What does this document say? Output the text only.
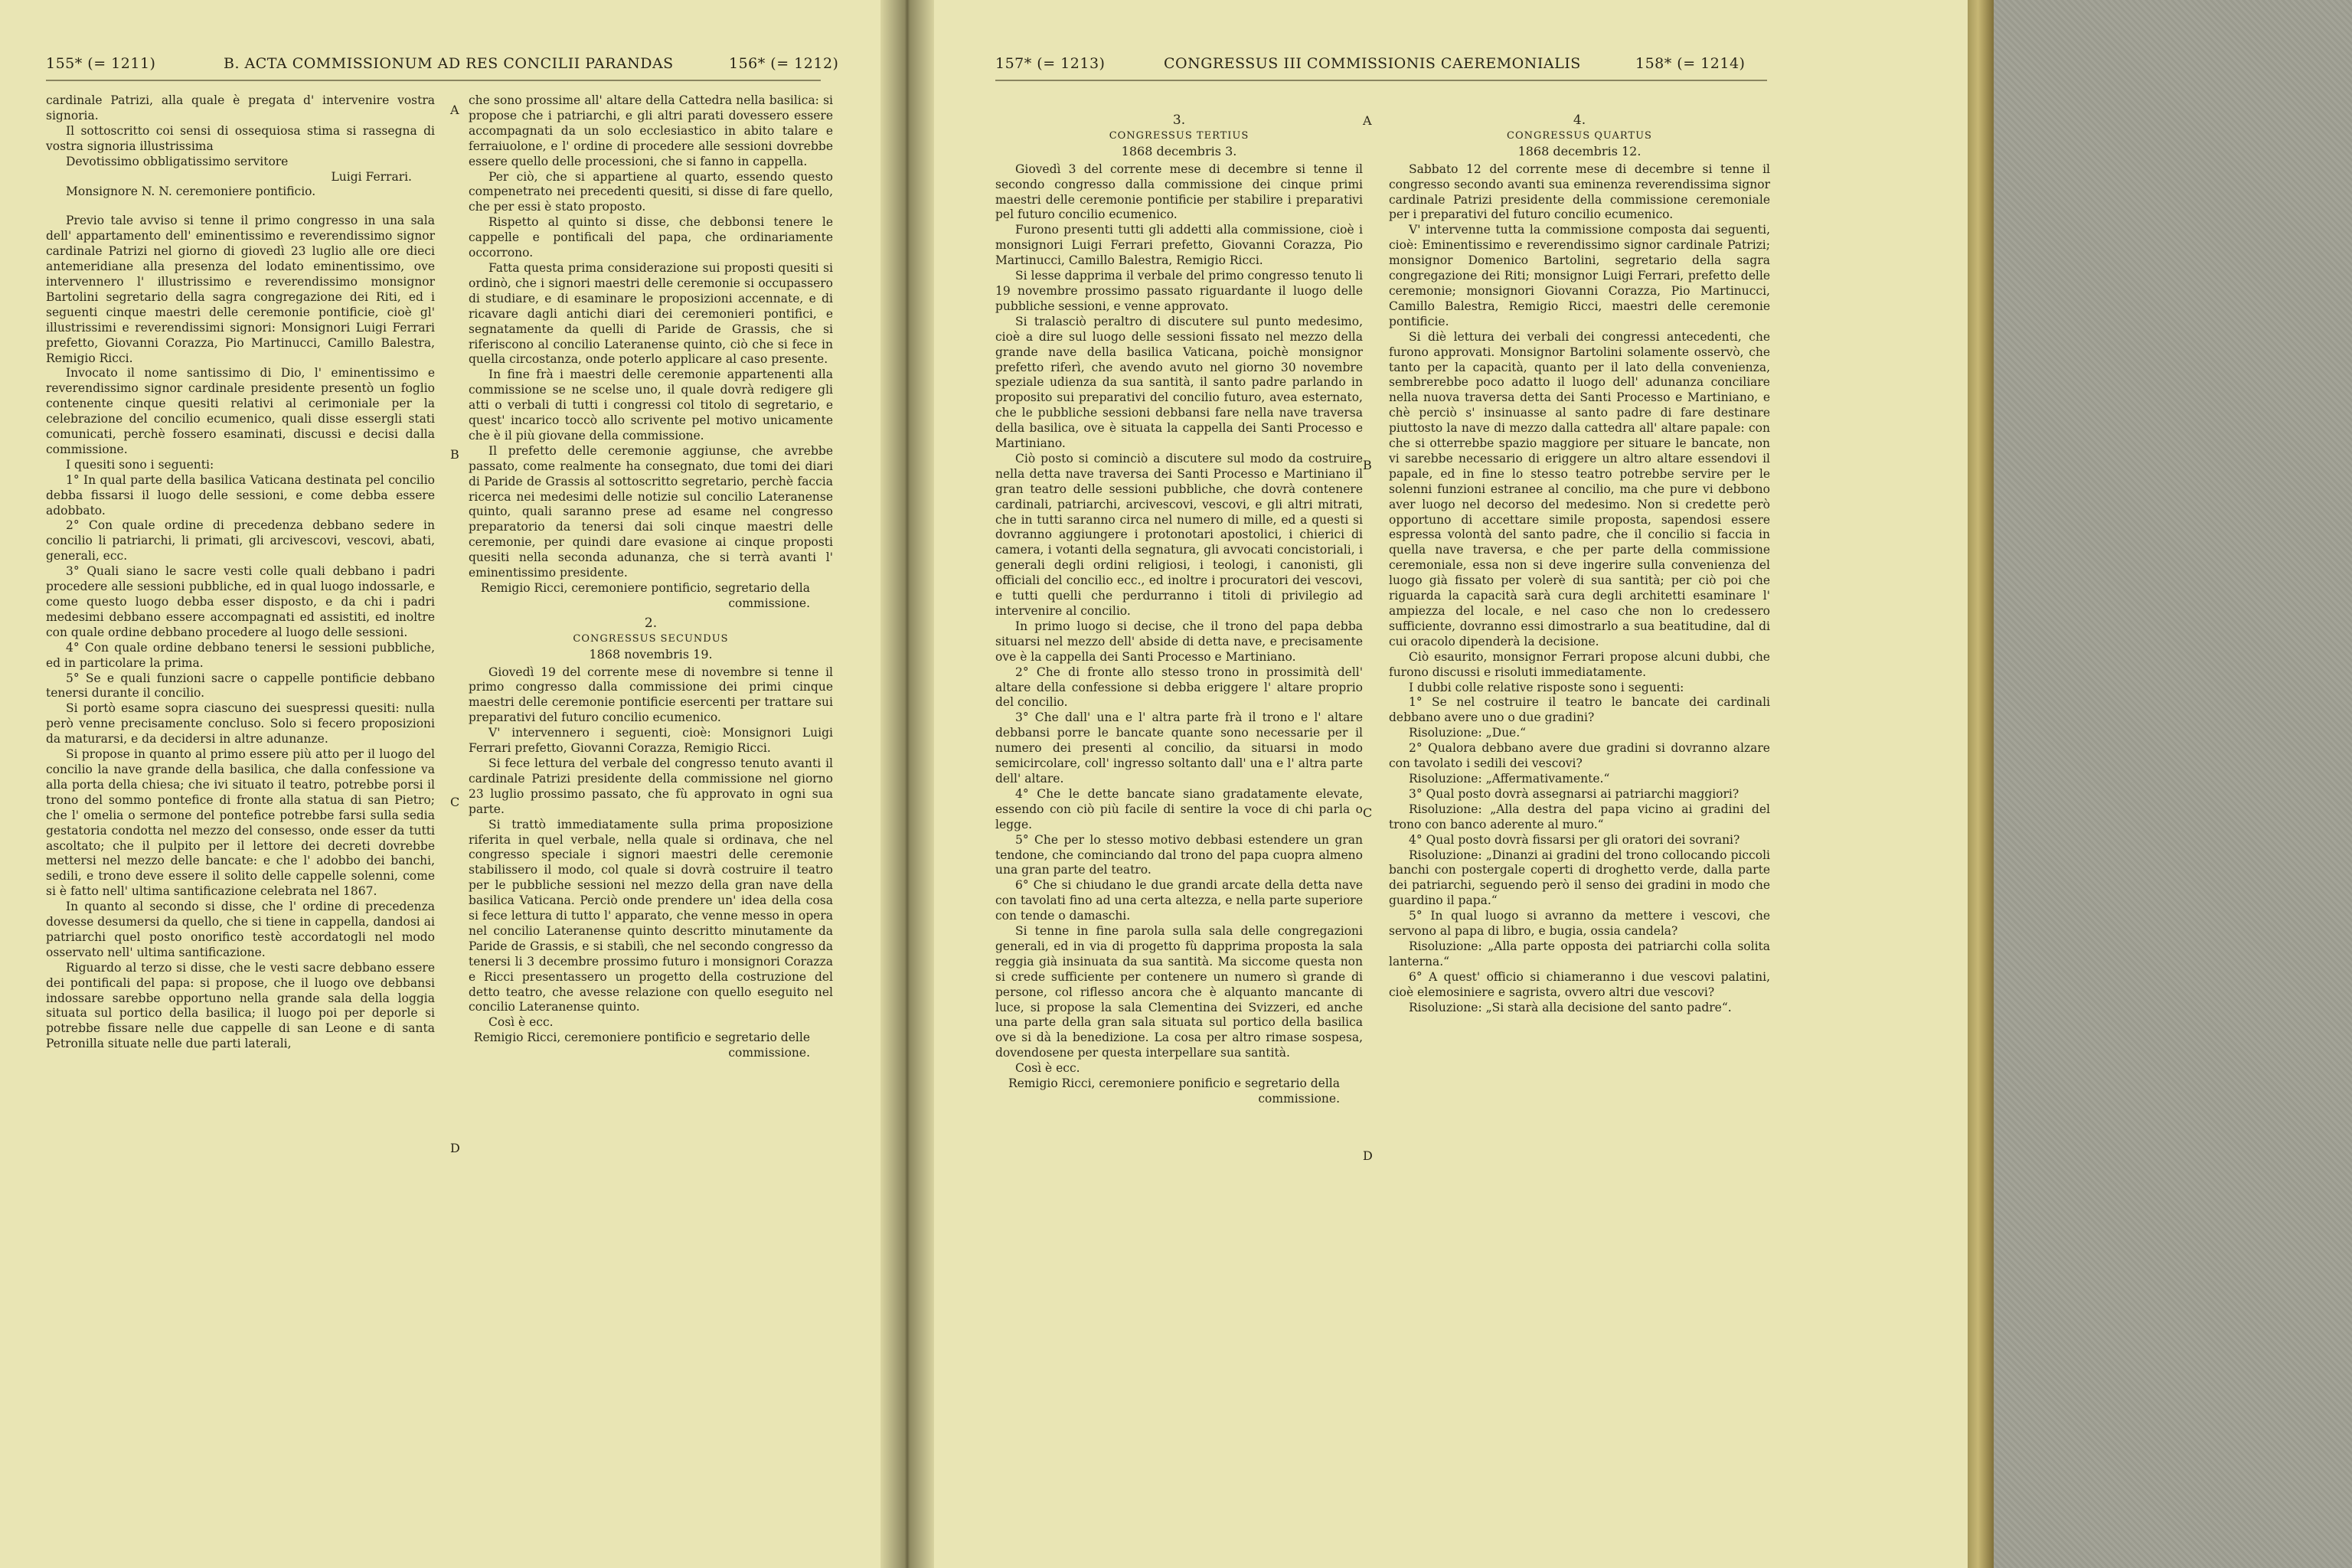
155* (= 1211)	B. ACTA COMMISSIONUM AD RES CONCILII PARANDAS	156* (= 1212)

cardinale Patrizi, alla quale è pregata d' intervenire vostra signoria.

Il sottoscritto coi sensi di ossequiosa stima si rassegna di vostra signoria illustrissima

Devotissimo obbligatissimo servitore

Luigi Ferrari.

Monsignore N. N. ceremoniere pontificio.

Previo tale avviso si tenne il primo congresso in una sala dell' appartamento dell' eminentissimo e reverendissimo signor cardinale Patrizi nel giorno di giovedì 23 luglio alle ore dieci antemeridiane alla presenza del lodato eminentissimo, ove intervennero l' illustrissimo e reverendissimo monsignor Bartolini segretario della sagra congregazione dei Riti, ed i seguenti cinque maestri delle ceremonie pontificie, cioè gl' illustrissimi e reverendissimi signori: Monsignori Luigi Ferrari prefetto, Giovanni Corazza, Pio Martinucci, Camillo Balestra, Remigio Ricci.

Invocato il nome santissimo di Dio, l' eminentissimo e reverendissimo signor cardinale presidente presentò un foglio contenente cinque quesiti relativi al cerimoniale per la celebrazione del concilio ecumenico, quali disse essergli stati comunicati, perchè fossero esaminati, discussi e decisi dalla commissione.

I quesiti sono i seguenti:

1° In qual parte della basilica Vaticana destinata pel concilio debba fissarsi il luogo delle sessioni, e come debba essere adobbato.

2° Con quale ordine di precedenza debbano sedere in concilio li patriarchi, li primati, gli arcivescovi, vescovi, abati, generali, ecc.

3° Quali siano le sacre vesti colle quali debbano i padri procedere alle sessioni pubbliche, ed in qual luogo indossarle, e come questo luogo debba esser disposto, e da chi i padri medesimi debbano essere accompagnati ed assistiti, ed inoltre con quale ordine debbano procedere al luogo delle sessioni.

4° Con quale ordine debbano tenersi le sessioni pubbliche, ed in particolare la prima.

5° Se e quali funzioni sacre o cappelle pontificie debbano tenersi durante il concilio.

Si portò esame sopra ciascuno dei suespressi quesiti: nulla però venne precisamente concluso. Solo si fecero proposizioni da maturarsi, e da decidersi in altre adunanze.

Si propose in quanto al primo essere più atto per il luogo del concilio la nave grande della basilica, che dalla confessione va alla porta della chiesa; che ivi situato il teatro, potrebbe porsi il trono del sommo pontefice di fronte alla statua di san Pietro; che l' omelia o sermone del pontefice potrebbe farsi sulla sedia gestatoria condotta nel mezzo del consesso, onde esser da tutti ascoltato; che il pulpito per il lettore dei decreti dovrebbe mettersi nel mezzo delle bancate: e che l' adobbo dei banchi, sedili, e trono deve essere il solito delle cappelle solenni, come si è fatto nell' ultima santificazione celebrata nel 1867.

In quanto al secondo si disse, che l' ordine di precedenza dovesse desumersi da quello, che si tiene in cappella, dandosi ai patriarchi quel posto onorifico testè accordatogli nel modo osservato nell' ultima santificazione.

Riguardo al terzo si disse, che le vesti sacre debbano essere dei pontificali del papa: si propose, che il luogo ove debbansi indossare sarebbe opportuno nella grande sala della loggia situata sul portico della basilica; il luogo poi per deporle si potrebbe fissare nelle due cappelle di san Leone e di santa Petronilla situate nelle due parti laterali,

A
B
C
D

che sono prossime all' altare della Cattedra nella basilica: si propose che i patriarchi, e gli altri parati dovessero essere accompagnati da un solo ecclesiastico in abito talare e ferraiuolone, e l' ordine di procedere alle sessioni dovrebbe essere quello delle processioni, che si fanno in cappella.

Per ciò, che si appartiene al quarto, essendo questo compenetrato nei precedenti quesiti, si disse di fare quello, che per essi è stato proposto.

Rispetto al quinto si disse, che debbonsi tenere le cappelle e pontificali del papa, che ordinariamente occorrono.

Fatta questa prima considerazione sui proposti quesiti si ordinò, che i signori maestri delle ceremonie si occupassero di studiare, e di esaminare le proposizioni accennate, e di ricavare dagli antichi diari dei ceremonieri pontifici, e segnatamente da quelli di Paride de Grassis, che si riferiscono al concilio Lateranense quinto, ciò che si fece in quella circostanza, onde poterlo applicare al caso presente.

In fine frà i maestri delle ceremonie appartenenti alla commissione se ne scelse uno, il quale dovrà redigere gli atti o verbali di tutti i congressi col titolo di segretario, e quest' incarico toccò allo scrivente pel motivo unicamente che è il più giovane della commissione.

Il prefetto delle ceremonie aggiunse, che avrebbe passato, come realmente ha consegnato, due tomi dei diari di Paride de Grassis al sottoscritto segretario, perchè faccia ricerca nei medesimi delle notizie sul concilio Lateranense quinto, quali saranno prese ad esame nel congresso preparatorio da tenersi dai soli cinque maestri delle ceremonie, per quindi dare evasione ai cinque proposti quesiti nella seconda adunanza, che si terrà avanti l' eminentissimo presidente.

Remigio Ricci, ceremoniere pontificio, segretario della commissione.

2.
CONGRESSUS SECUNDUS
1868 novembris 19.

Giovedì 19 del corrente mese di novembre si tenne il primo congresso dalla commissione dei primi cinque maestri delle ceremonie pontificie esercenti per trattare sui preparativi del futuro concilio ecumenico.

V' intervennero i seguenti, cioè: Monsignori Luigi Ferrari prefetto, Giovanni Corazza, Remigio Ricci.

Si fece lettura del verbale del congresso tenuto avanti il cardinale Patrizi presidente della commissione nel giorno 23 luglio prossimo passato, che fù approvato in ogni sua parte.

Si trattò immediatamente sulla prima proposizione riferita in quel verbale, nella quale si ordinava, che nel congresso speciale i signori maestri delle ceremonie stabilissero il modo, col quale si dovrà costruire il teatro per le pubbliche sessioni nel mezzo della gran nave della basilica Vaticana. Perciò onde prendere un' idea della cosa si fece lettura di tutto l' apparato, che venne messo in opera nel concilio Lateranense quinto descritto minutamente da Paride de Grassis, e si stabilì, che nel secondo congresso da tenersi li 3 decembre prossimo futuro i monsignori Corazza e Ricci presentassero un progetto della costruzione del detto teatro, che avesse relazione con quello eseguito nel concilio Lateranense quinto.

Così è ecc.

Remigio Ricci, ceremoniere pontificio e segretario delle commissione.

157* (= 1213)	CONGRESSUS III COMMISSIONIS CAEREMONIALIS	158* (= 1214)
3.
CONGRESSUS TERTIUS
1868 decembris 3.

Giovedì 3 del corrente mese di decembre si tenne il secondo congresso dalla commissione dei cinque primi maestri delle ceremonie pontificie per stabilire i preparativi pel futuro concilio ecumenico.

Furono presenti tutti gli addetti alla commissione, cioè i monsignori Luigi Ferrari prefetto, Giovanni Corazza, Pio Martinucci, Camillo Balestra, Remigio Ricci.

Si lesse dapprima il verbale del primo congresso tenuto li 19 novembre prossimo passato riguardante il luogo delle pubbliche sessioni, e venne approvato.

Si tralasciò peraltro di discutere sul punto medesimo, cioè a dire sul luogo delle sessioni fissato nel mezzo della grande nave della basilica Vaticana, poichè monsignor prefetto riferì, che avendo avuto nel giorno 30 novembre speziale udienza da sua santità, il santo padre parlando in proposito sui preparativi del concilio futuro, avea esternato, che le pubbliche sessioni debbansi fare nella nave traversa della basilica, ove è situata la cappella dei Santi Processo e Martiniano.

Ciò posto si cominciò a discutere sul modo da costruire nella detta nave traversa dei Santi Processo e Martiniano il gran teatro delle sessioni pubbliche, che dovrà contenere cardinali, patriarchi, arcivescovi, vescovi, e gli altri mitrati, che in tutti saranno circa nel numero di mille, ed a questi si dovranno aggiungere i protonotari apostolici, i chierici di camera, i votanti della segnatura, gli avvocati concistoriali, i generali degli ordini religiosi, i teologi, i canonisti, gli officiali del concilio ecc., ed inoltre i procuratori dei vescovi, e tutti quelli che perdurranno i titoli di privilegio ad intervenire al concilio.

In primo luogo si decise, che il trono del papa debba situarsi nel mezzo dell' abside di detta nave, e precisamente ove è la cappella dei Santi Processo e Martiniano.

2° Che di fronte allo stesso trono in prossimità dell' altare della confessione si debba eriggere l' altare proprio del concilio.

3° Che dall' una e l' altra parte frà il trono e l' altare debbansi porre le bancate quante sono necessarie per il numero dei presenti al concilio, da situarsi in modo semicircolare, coll' ingresso soltanto dall' una e l' altra parte dell' altare.

4° Che le dette bancate siano gradatamente elevate, essendo con ciò più facile di sentire la voce di chi parla o legge.

5° Che per lo stesso motivo debbasi estendere un gran tendone, che cominciando dal trono del papa cuopra almeno una gran parte del teatro.

6° Che si chiudano le due grandi arcate della detta nave con tavolati fino ad una certa altezza, e nella parte superiore con tende o damaschi.

Si tenne in fine parola sulla sala delle congregazioni generali, ed in via di progetto fù dapprima proposta la sala reggia già insinuata da sua santità. Ma siccome questa non si crede sufficiente per contenere un numero sì grande di persone, col riflesso ancora che è alquanto mancante di luce, si propose la sala Clementina dei Svizzeri, ed anche una parte della gran sala situata sul portico della basilica ove si dà la benedizione. La cosa per altro rimase sospesa, dovendosene per questa interpellare sua santità.

Così è ecc.

Remigio Ricci, ceremoniere ponificio e segretario della commissione.

A
B
C
D
4.
CONGRESSUS QUARTUS
1868 decembris 12.

Sabbato 12 del corrente mese di decembre si tenne il congresso secondo avanti sua eminenza reverendissima signor cardinale Patrizi presidente della commissione ceremoniale per i preparativi del futuro concilio ecumenico.

V' intervenne tutta la commissione composta dai seguenti, cioè: Eminentissimo e reverendissimo signor cardinale Patrizi; monsignor Domenico Bartolini, segretario della sagra congregazione dei Riti; monsignor Luigi Ferrari, prefetto delle ceremonie; monsignori Giovanni Corazza, Pio Martinucci, Camillo Balestra, Remigio Ricci, maestri delle ceremonie pontificie.

Si diè lettura dei verbali dei congressi antecedenti, che furono approvati. Monsignor Bartolini solamente osservò, che tanto per la capacità, quanto per il lato della convenienza, sembrerebbe poco adatto il luogo dell' adunanza conciliare nella nuova traversa detta dei Santi Processo e Martiniano, e chè perciò s' insinuasse al santo padre di fare destinare piuttosto la nave di mezzo dalla cattedra all' altare papale: con che si otterrebbe spazio maggiore per situare le bancate, non vi sarebbe necessario di eriggere un altro altare essendovi il papale, ed in fine lo stesso teatro potrebbe servire per le solenni funzioni estranee al concilio, ma che pure vi debbono aver luogo nel decorso del medesimo. Non si credette però opportuno di accettare simile proposta, sapendosi essere espressa volontà del santo padre, che il concilio si faccia in quella nave traversa, e che per parte della commissione ceremoniale, essa non si deve ingerire sulla convenienza del luogo già fissato per volerè di sua santità; per ciò poi che riguarda la capacità sarà cura degli architetti esaminare l' ampiezza del locale, e nel caso che non lo credessero sufficiente, dovranno essi dimostrarlo a sua beatitudine, dal di cui oracolo dipenderà la decisione.

Ciò esaurito, monsignor Ferrari propose alcuni dubbi, che furono discussi e risoluti immediatamente.

I dubbi colle relative risposte sono i seguenti:

1° Se nel costruire il teatro le bancate dei cardinali debbano avere uno o due gradini?

Risoluzione: „Due.“

2° Qualora debbano avere due gradini si dovranno alzare con tavolato i sedili dei vescovi?

Risoluzione: „Affermativamente.“

3° Qual posto dovrà assegnarsi ai patriarchi maggiori?

Risoluzione: „Alla destra del papa vicino ai gradini del trono con banco aderente al muro.“

4° Qual posto dovrà fissarsi per gli oratori dei sovrani?

Risoluzione: „Dinanzi ai gradini del trono collocando piccoli banchi con postergale coperti di droghetto verde, dalla parte dei patriarchi, seguendo però il senso dei gradini in modo che guardino il papa.“

5° In qual luogo si avranno da mettere i vescovi, che servono al papa di libro, e bugia, ossia candela?

Risoluzione: „Alla parte opposta dei patriarchi colla solita lanterna.“

6° A quest' officio si chiameranno i due vescovi palatini, cioè elemosiniere e sagrista, ovvero altri due vescovi?

Risoluzione: „Si starà alla decisione del santo padre“.
